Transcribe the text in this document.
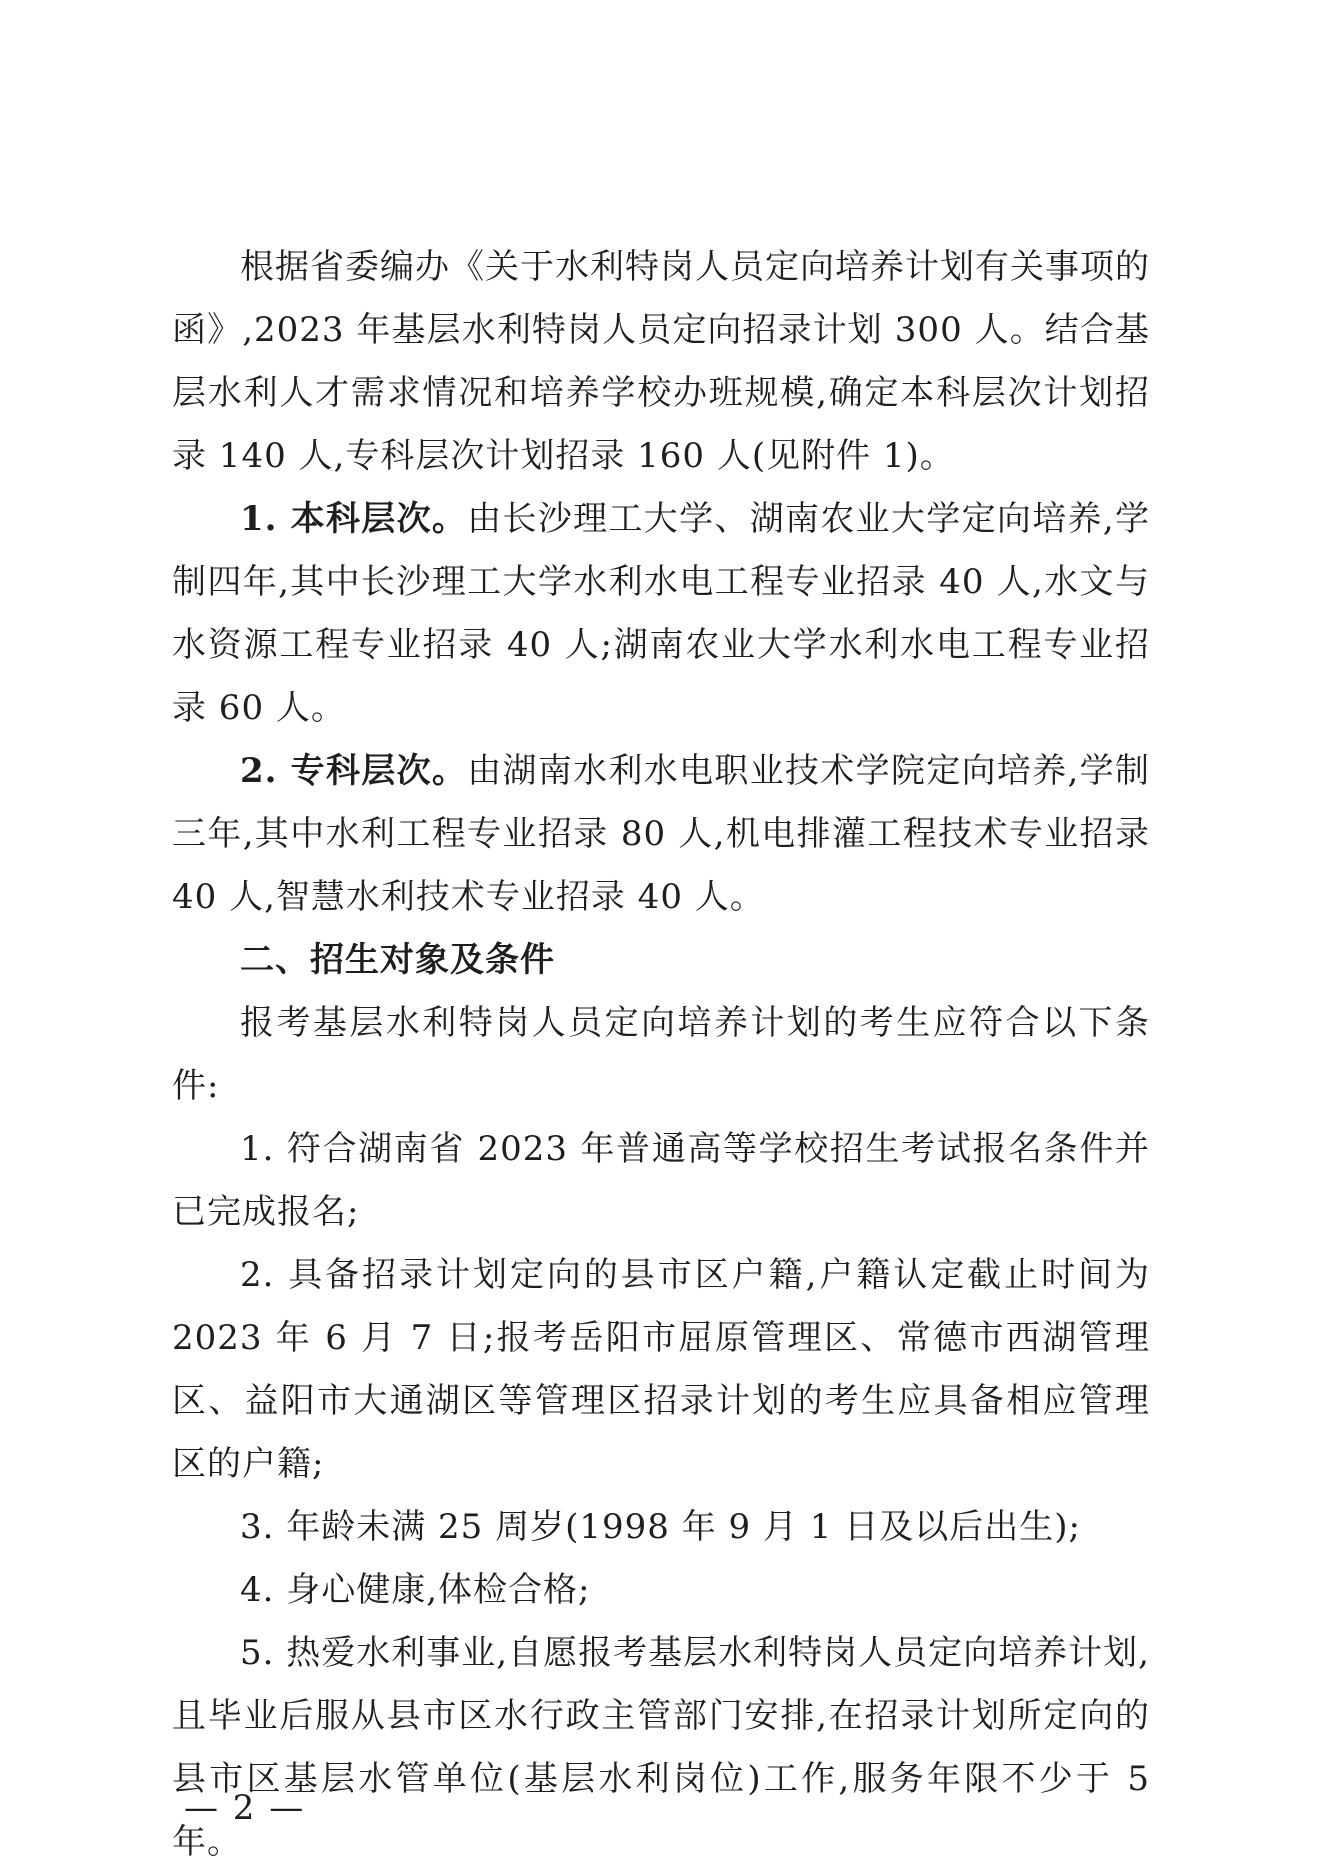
根据省委编办《关于水利特岗人员定向培养计划有关事项的函》,2023 年基层水利特岗人员定向招录计划 300 人。结合基层水利人才需求情况和培养学校办班规模,确定本科层次计划招录 140 人,专科层次计划招录 160 人(见附件 1)。

1. 本科层次。由长沙理工大学、湖南农业大学定向培养,学制四年,其中长沙理工大学水利水电工程专业招录 40 人,水文与水资源工程专业招录 40 人;湖南农业大学水利水电工程专业招录 60 人。

2. 专科层次。由湖南水利水电职业技术学院定向培养,学制三年,其中水利工程专业招录 80 人,机电排灌工程技术专业招录 40 人,智慧水利技术专业招录 40 人。

二、招生对象及条件

报考基层水利特岗人员定向培养计划的考生应符合以下条件:

1. 符合湖南省 2023 年普通高等学校招生考试报名条件并已完成报名;

2. 具备招录计划定向的县市区户籍,户籍认定截止时间为 2023 年 6 月 7 日;报考岳阳市屈原管理区、常德市西湖管理区、益阳市大通湖区等管理区招录计划的考生应具备相应管理区的户籍;

3. 年龄未满 25 周岁(1998 年 9 月 1 日及以后出生);

4. 身心健康,体检合格;

5. 热爱水利事业,自愿报考基层水利特岗人员定向培养计划,且毕业后服从县市区水行政主管部门安排,在招录计划所定向的县市区基层水管单位(基层水利岗位)工作,服务年限不少于 5 年。

— 2 —
